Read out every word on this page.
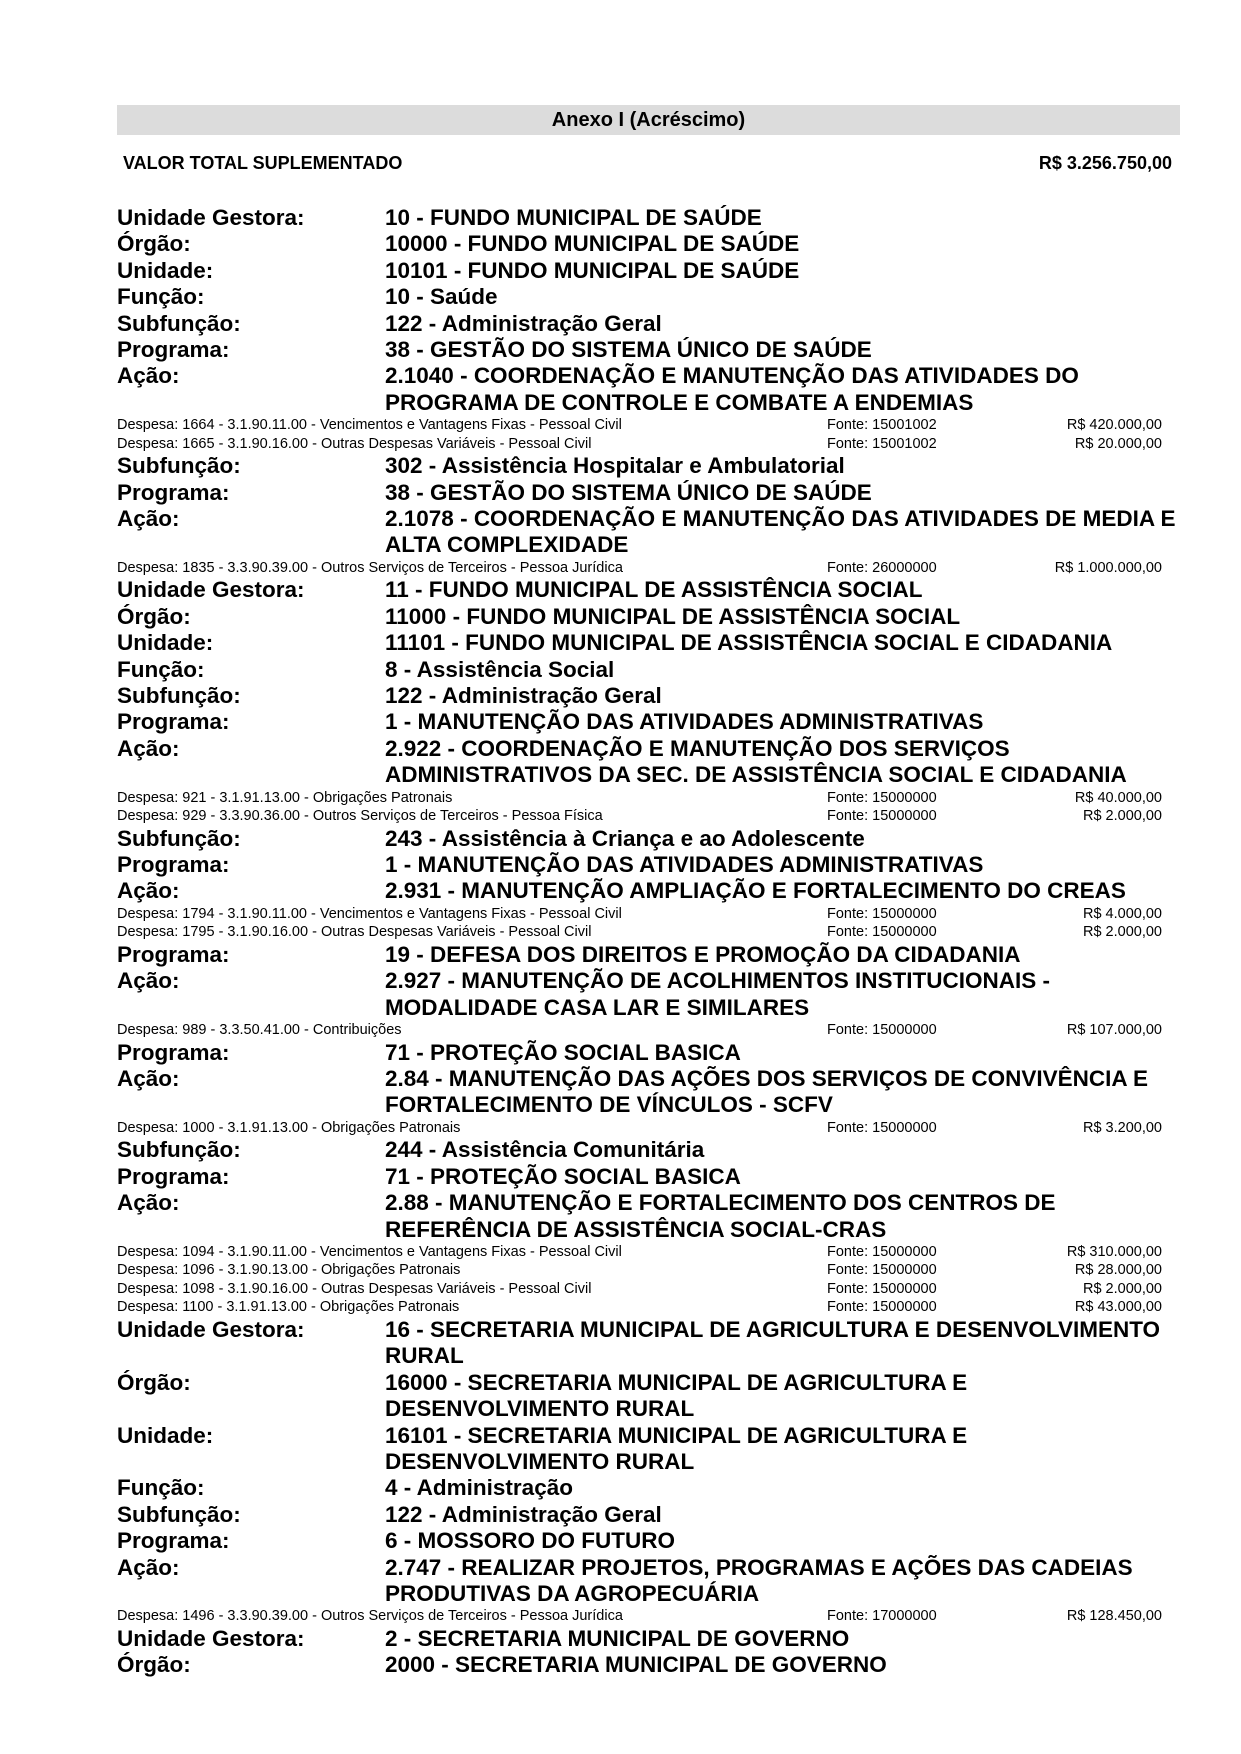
Anexo I (Acréscimo)
VALOR TOTAL SUPLEMENTADO	R$ 3.256.750,00
Unidade Gestora:	10 - FUNDO MUNICIPAL DE SAÚDE
Órgão:	10000 - FUNDO MUNICIPAL DE SAÚDE
Unidade:	10101 - FUNDO MUNICIPAL DE SAÚDE
Função:	10 - Saúde
Subfunção:	122 - Administração Geral
Programa:	38 - GESTÃO DO SISTEMA ÚNICO DE SAÚDE
Ação:	2.1040 - COORDENAÇÃO E MANUTENÇÃO DAS ATIVIDADES DO PROGRAMA DE CONTROLE E COMBATE A ENDEMIAS
Despesa: 1664 - 3.1.90.11.00 - Vencimentos e Vantagens Fixas - Pessoal Civil	Fonte: 15001002	R$ 420.000,00
Despesa: 1665 - 3.1.90.16.00 - Outras Despesas Variáveis - Pessoal Civil	Fonte: 15001002	R$ 20.000,00
Subfunção:	302 - Assistência Hospitalar e Ambulatorial
Programa:	38 - GESTÃO DO SISTEMA ÚNICO DE SAÚDE
Ação:	2.1078 - COORDENAÇÃO E MANUTENÇÃO DAS ATIVIDADES DE MEDIA E ALTA COMPLEXIDADE
Despesa: 1835 - 3.3.90.39.00 - Outros Serviços de Terceiros - Pessoa Jurídica	Fonte: 26000000	R$ 1.000.000,00
Unidade Gestora:	11 - FUNDO MUNICIPAL DE ASSISTÊNCIA SOCIAL
Órgão:	11000 - FUNDO MUNICIPAL DE ASSISTÊNCIA SOCIAL
Unidade:	11101 - FUNDO MUNICIPAL DE ASSISTÊNCIA SOCIAL E CIDADANIA
Função:	8 - Assistência Social
Subfunção:	122 - Administração Geral
Programa:	1 - MANUTENÇÃO DAS ATIVIDADES ADMINISTRATIVAS
Ação:	2.922 - COORDENAÇÃO E MANUTENÇÃO DOS SERVIÇOS ADMINISTRATIVOS DA SEC. DE ASSISTÊNCIA SOCIAL E CIDADANIA
Despesa: 921 - 3.1.91.13.00 - Obrigações Patronais	Fonte: 15000000	R$ 40.000,00
Despesa: 929 - 3.3.90.36.00 - Outros Serviços de Terceiros - Pessoa Física	Fonte: 15000000	R$ 2.000,00
Subfunção:	243 - Assistência à Criança e ao Adolescente
Programa:	1 - MANUTENÇÃO DAS ATIVIDADES ADMINISTRATIVAS
Ação:	2.931 - MANUTENÇÃO AMPLIAÇÃO E FORTALECIMENTO DO CREAS
Despesa: 1794 - 3.1.90.11.00 - Vencimentos e Vantagens Fixas - Pessoal Civil	Fonte: 15000000	R$ 4.000,00
Despesa: 1795 - 3.1.90.16.00 - Outras Despesas Variáveis - Pessoal Civil	Fonte: 15000000	R$ 2.000,00
Programa:	19 - DEFESA DOS DIREITOS E PROMOÇÃO DA CIDADANIA
Ação:	2.927 - MANUTENÇÃO DE ACOLHIMENTOS INSTITUCIONAIS - MODALIDADE CASA LAR E SIMILARES
Despesa: 989 - 3.3.50.41.00 - Contribuições	Fonte: 15000000	R$ 107.000,00
Programa:	71 - PROTEÇÃO SOCIAL BASICA
Ação:	2.84 - MANUTENÇÃO DAS AÇÕES DOS SERVIÇOS DE CONVIVÊNCIA E FORTALECIMENTO DE VÍNCULOS - SCFV
Despesa: 1000 - 3.1.91.13.00 - Obrigações Patronais	Fonte: 15000000	R$ 3.200,00
Subfunção:	244 - Assistência Comunitária
Programa:	71 - PROTEÇÃO SOCIAL BASICA
Ação:	2.88 - MANUTENÇÃO E FORTALECIMENTO DOS CENTROS DE REFERÊNCIA DE ASSISTÊNCIA SOCIAL-CRAS
Despesa: 1094 - 3.1.90.11.00 - Vencimentos e Vantagens Fixas - Pessoal Civil	Fonte: 15000000	R$ 310.000,00
Despesa: 1096 - 3.1.90.13.00 - Obrigações Patronais	Fonte: 15000000	R$ 28.000,00
Despesa: 1098 - 3.1.90.16.00 - Outras Despesas Variáveis - Pessoal Civil	Fonte: 15000000	R$ 2.000,00
Despesa: 1100 - 3.1.91.13.00 - Obrigações Patronais	Fonte: 15000000	R$ 43.000,00
Unidade Gestora:	16 - SECRETARIA MUNICIPAL DE AGRICULTURA E DESENVOLVIMENTO RURAL
Órgão:	16000 - SECRETARIA MUNICIPAL DE AGRICULTURA E DESENVOLVIMENTO RURAL
Unidade:	16101 - SECRETARIA MUNICIPAL DE AGRICULTURA E DESENVOLVIMENTO RURAL
Função:	4 - Administração
Subfunção:	122 - Administração Geral
Programa:	6 - MOSSORO DO FUTURO
Ação:	2.747 - REALIZAR PROJETOS, PROGRAMAS E AÇÕES DAS CADEIAS PRODUTIVAS DA AGROPECUÁRIA
Despesa: 1496 - 3.3.90.39.00 - Outros Serviços de Terceiros - Pessoa Jurídica	Fonte: 17000000	R$ 128.450,00
Unidade Gestora:	2 - SECRETARIA MUNICIPAL DE GOVERNO
Órgão:	2000 - SECRETARIA MUNICIPAL DE GOVERNO
